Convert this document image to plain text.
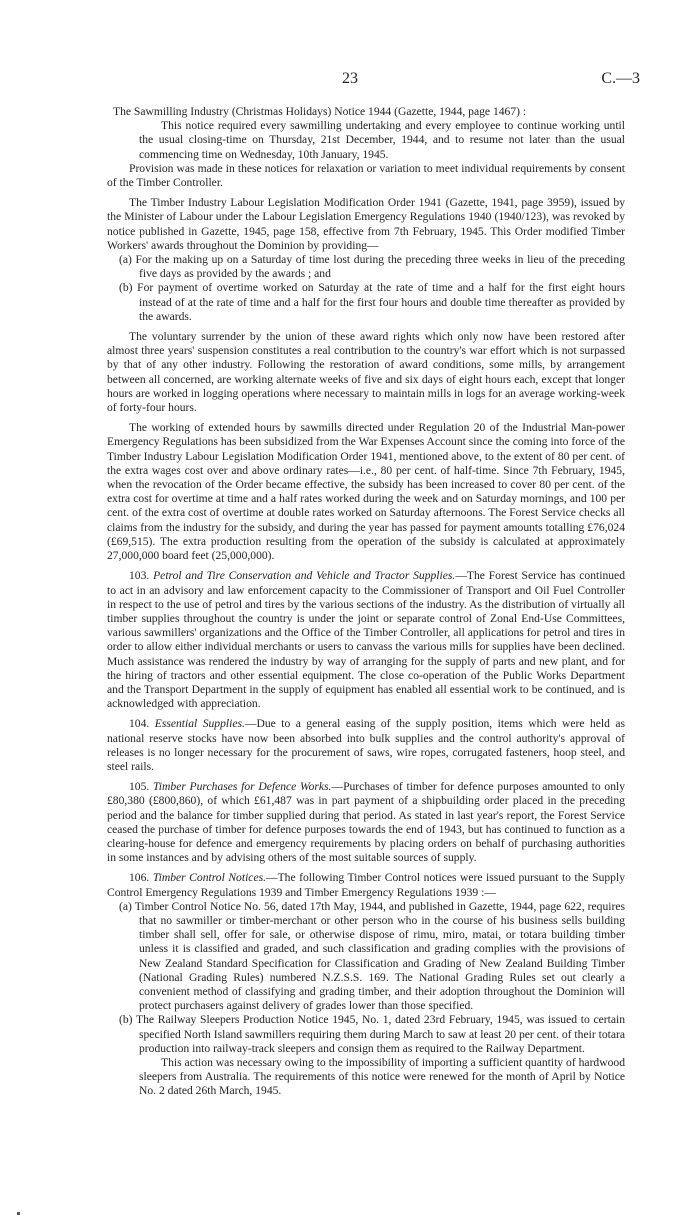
23	C.—3

The Sawmilling Industry (Christmas Holidays) Notice 1944 (Gazette, 1944, page 1467) :

This notice required every sawmilling undertaking and every employee to continue working until the usual closing-time on Thursday, 21st December, 1944, and to resume not later than the usual commencing time on Wednesday, 10th January, 1945.

Provision was made in these notices for relaxation or variation to meet individual requirements by consent of the Timber Controller.

The Timber Industry Labour Legislation Modification Order 1941 (Gazette, 1941, page 3959), issued by the Minister of Labour under the Labour Legislation Emergency Regulations 1940 (1940/123), was revoked by notice published in Gazette, 1945, page 158, effective from 7th February, 1945. This Order modified Timber Workers' awards throughout the Dominion by providing—

(a) For the making up on a Saturday of time lost during the preceding three weeks in lieu of the preceding five days as provided by the awards ; and

(b) For payment of overtime worked on Saturday at the rate of time and a half for the first eight hours instead of at the rate of time and a half for the first four hours and double time thereafter as provided by the awards.

The voluntary surrender by the union of these award rights which only now have been restored after almost three years' suspension constitutes a real contribution to the country's war effort which is not surpassed by that of any other industry. Following the restoration of award conditions, some mills, by arrangement between all concerned, are working alternate weeks of five and six days of eight hours each, except that longer hours are worked in logging operations where necessary to maintain mills in logs for an average working-week of forty-four hours.

The working of extended hours by sawmills directed under Regulation 20 of the Industrial Man-power Emergency Regulations has been subsidized from the War Expenses Account since the coming into force of the Timber Industry Labour Legislation Modification Order 1941, mentioned above, to the extent of 80 per cent. of the extra wages cost over and above ordinary rates—i.e., 80 per cent. of half-time. Since 7th February, 1945, when the revocation of the Order became effective, the subsidy has been increased to cover 80 per cent. of the extra cost for overtime at time and a half rates worked during the week and on Saturday mornings, and 100 per cent. of the extra cost of overtime at double rates worked on Saturday afternoons. The Forest Service checks all claims from the industry for the subsidy, and during the year has passed for payment amounts totalling £76,024 (£69,515). The extra production resulting from the operation of the subsidy is calculated at approximately 27,000,000 board feet (25,000,000).

103. Petrol and Tire Conservation and Vehicle and Tractor Supplies.—The Forest Service has continued to act in an advisory and law enforcement capacity to the Commissioner of Transport and Oil Fuel Controller in respect to the use of petrol and tires by the various sections of the industry. As the distribution of virtually all timber supplies throughout the country is under the joint or separate control of Zonal End-Use Committees, various sawmillers' organizations and the Office of the Timber Controller, all applications for petrol and tires in order to allow either individual merchants or users to canvass the various mills for supplies have been declined. Much assistance was rendered the industry by way of arranging for the supply of parts and new plant, and for the hiring of tractors and other essential equipment. The close co-operation of the Public Works Department and the Transport Department in the supply of equipment has enabled all essential work to be continued, and is acknowledged with appreciation.

104. Essential Supplies.—Due to a general easing of the supply position, items which were held as national reserve stocks have now been absorbed into bulk supplies and the control authority's approval of releases is no longer necessary for the procurement of saws, wire ropes, corrugated fasteners, hoop steel, and steel rails.

105. Timber Purchases for Defence Works.—Purchases of timber for defence purposes amounted to only £80,380 (£800,860), of which £61,487 was in part payment of a shipbuilding order placed in the preceding period and the balance for timber supplied during that period. As stated in last year's report, the Forest Service ceased the purchase of timber for defence purposes towards the end of 1943, but has continued to function as a clearing-house for defence and emergency requirements by placing orders on behalf of purchasing authorities in some instances and by advising others of the most suitable sources of supply.

106. Timber Control Notices.—The following Timber Control notices were issued pursuant to the Supply Control Emergency Regulations 1939 and Timber Emergency Regulations 1939 :—

(a) Timber Control Notice No. 56, dated 17th May, 1944, and published in Gazette, 1944, page 622, requires that no sawmiller or timber-merchant or other person who in the course of his business sells building timber shall sell, offer for sale, or otherwise dispose of rimu, miro, matai, or totara building timber unless it is classified and graded, and such classification and grading complies with the provisions of New Zealand Standard Specification for Classification and Grading of New Zealand Building Timber (National Grading Rules) numbered N.Z.S.S. 169. The National Grading Rules set out clearly a convenient method of classifying and grading timber, and their adoption throughout the Dominion will protect purchasers against delivery of grades lower than those specified.

(b) The Railway Sleepers Production Notice 1945, No. 1, dated 23rd February, 1945, was issued to certain specified North Island sawmillers requiring them during March to saw at least 20 per cent. of their totara production into railway-track sleepers and consign them as required to the Railway Department.

This action was necessary owing to the impossibility of importing a sufficient quantity of hardwood sleepers from Australia. The requirements of this notice were renewed for the month of April by Notice No. 2 dated 26th March, 1945.
